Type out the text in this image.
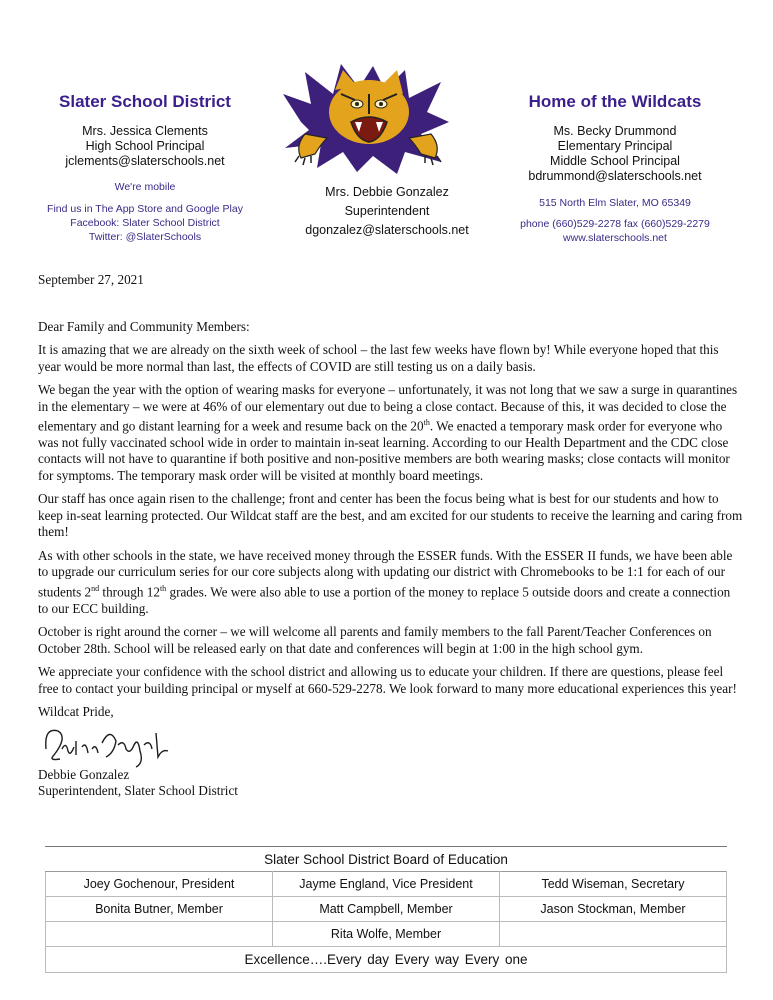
Slater School District
Mrs. Jessica Clements
High School Principal
jclements@slaterschools.net
We're mobile
Find us in The App Store and Google Play
Facebook: Slater School District
Twitter: @SlaterSchools
Mrs. Debbie Gonzalez
Superintendent
dgonzalez@slaterschools.net
Home of the Wildcats
Ms. Becky Drummond
Elementary Principal
Middle School Principal
bdrummond@slaterschools.net
515 North Elm Slater, MO 65349
phone (660)529-2278 fax (660)529-2279
www.slaterschools.net

September 27, 2021

Dear Family and Community Members:

It is amazing that we are already on the sixth week of school – the last few weeks have flown by! While everyone hoped that this year would be more normal than last, the effects of COVID are still testing us on a daily basis.

We began the year with the option of wearing masks for everyone – unfortunately, it was not long that we saw a surge in quarantines in the elementary – we were at 46% of our elementary out due to being a close contact. Because of this, it was decided to close the elementary and go distant learning for a week and resume back on the 20th. We enacted a temporary mask order for everyone who was not fully vaccinated school wide in order to maintain in-seat learning. According to our Health Department and the CDC close contacts will not have to quarantine if both positive and non-positive members are both wearing masks; close contacts will monitor for symptoms. The temporary mask order will be visited at monthly board meetings.

Our staff has once again risen to the challenge; front and center has been the focus being what is best for our students and how to keep in-seat learning protected. Our Wildcat staff are the best, and am excited for our students to receive the learning and caring from them!

As with other schools in the state, we have received money through the ESSER funds. With the ESSER II funds, we have been able to upgrade our curriculum series for our core subjects along with updating our district with Chromebooks to be 1:1 for each of our students 2nd through 12th grades. We were also able to use a portion of the money to replace 5 outside doors and create a connection to our ECC building.

October is right around the corner – we will welcome all parents and family members to the fall Parent/Teacher Conferences on October 28th. School will be released early on that date and conferences will begin at 1:00 in the high school gym.

We appreciate your confidence with the school district and allowing us to educate your children. If there are questions, please feel free to contact your building principal or myself at 660-529-2278. We look forward to many more educational experiences this year!

Wildcat Pride,
Debbie Gonzalez
Superintendent, Slater School District
Slater School District Board of Education
Joey Gochenour, President	Jayme England, Vice President	Tedd Wiseman, Secretary
Bonita Butner, Member	Matt Campbell, Member	Jason Stockman, Member
	Rita Wolfe, Member	
Excellence….Every day Every way Every one
